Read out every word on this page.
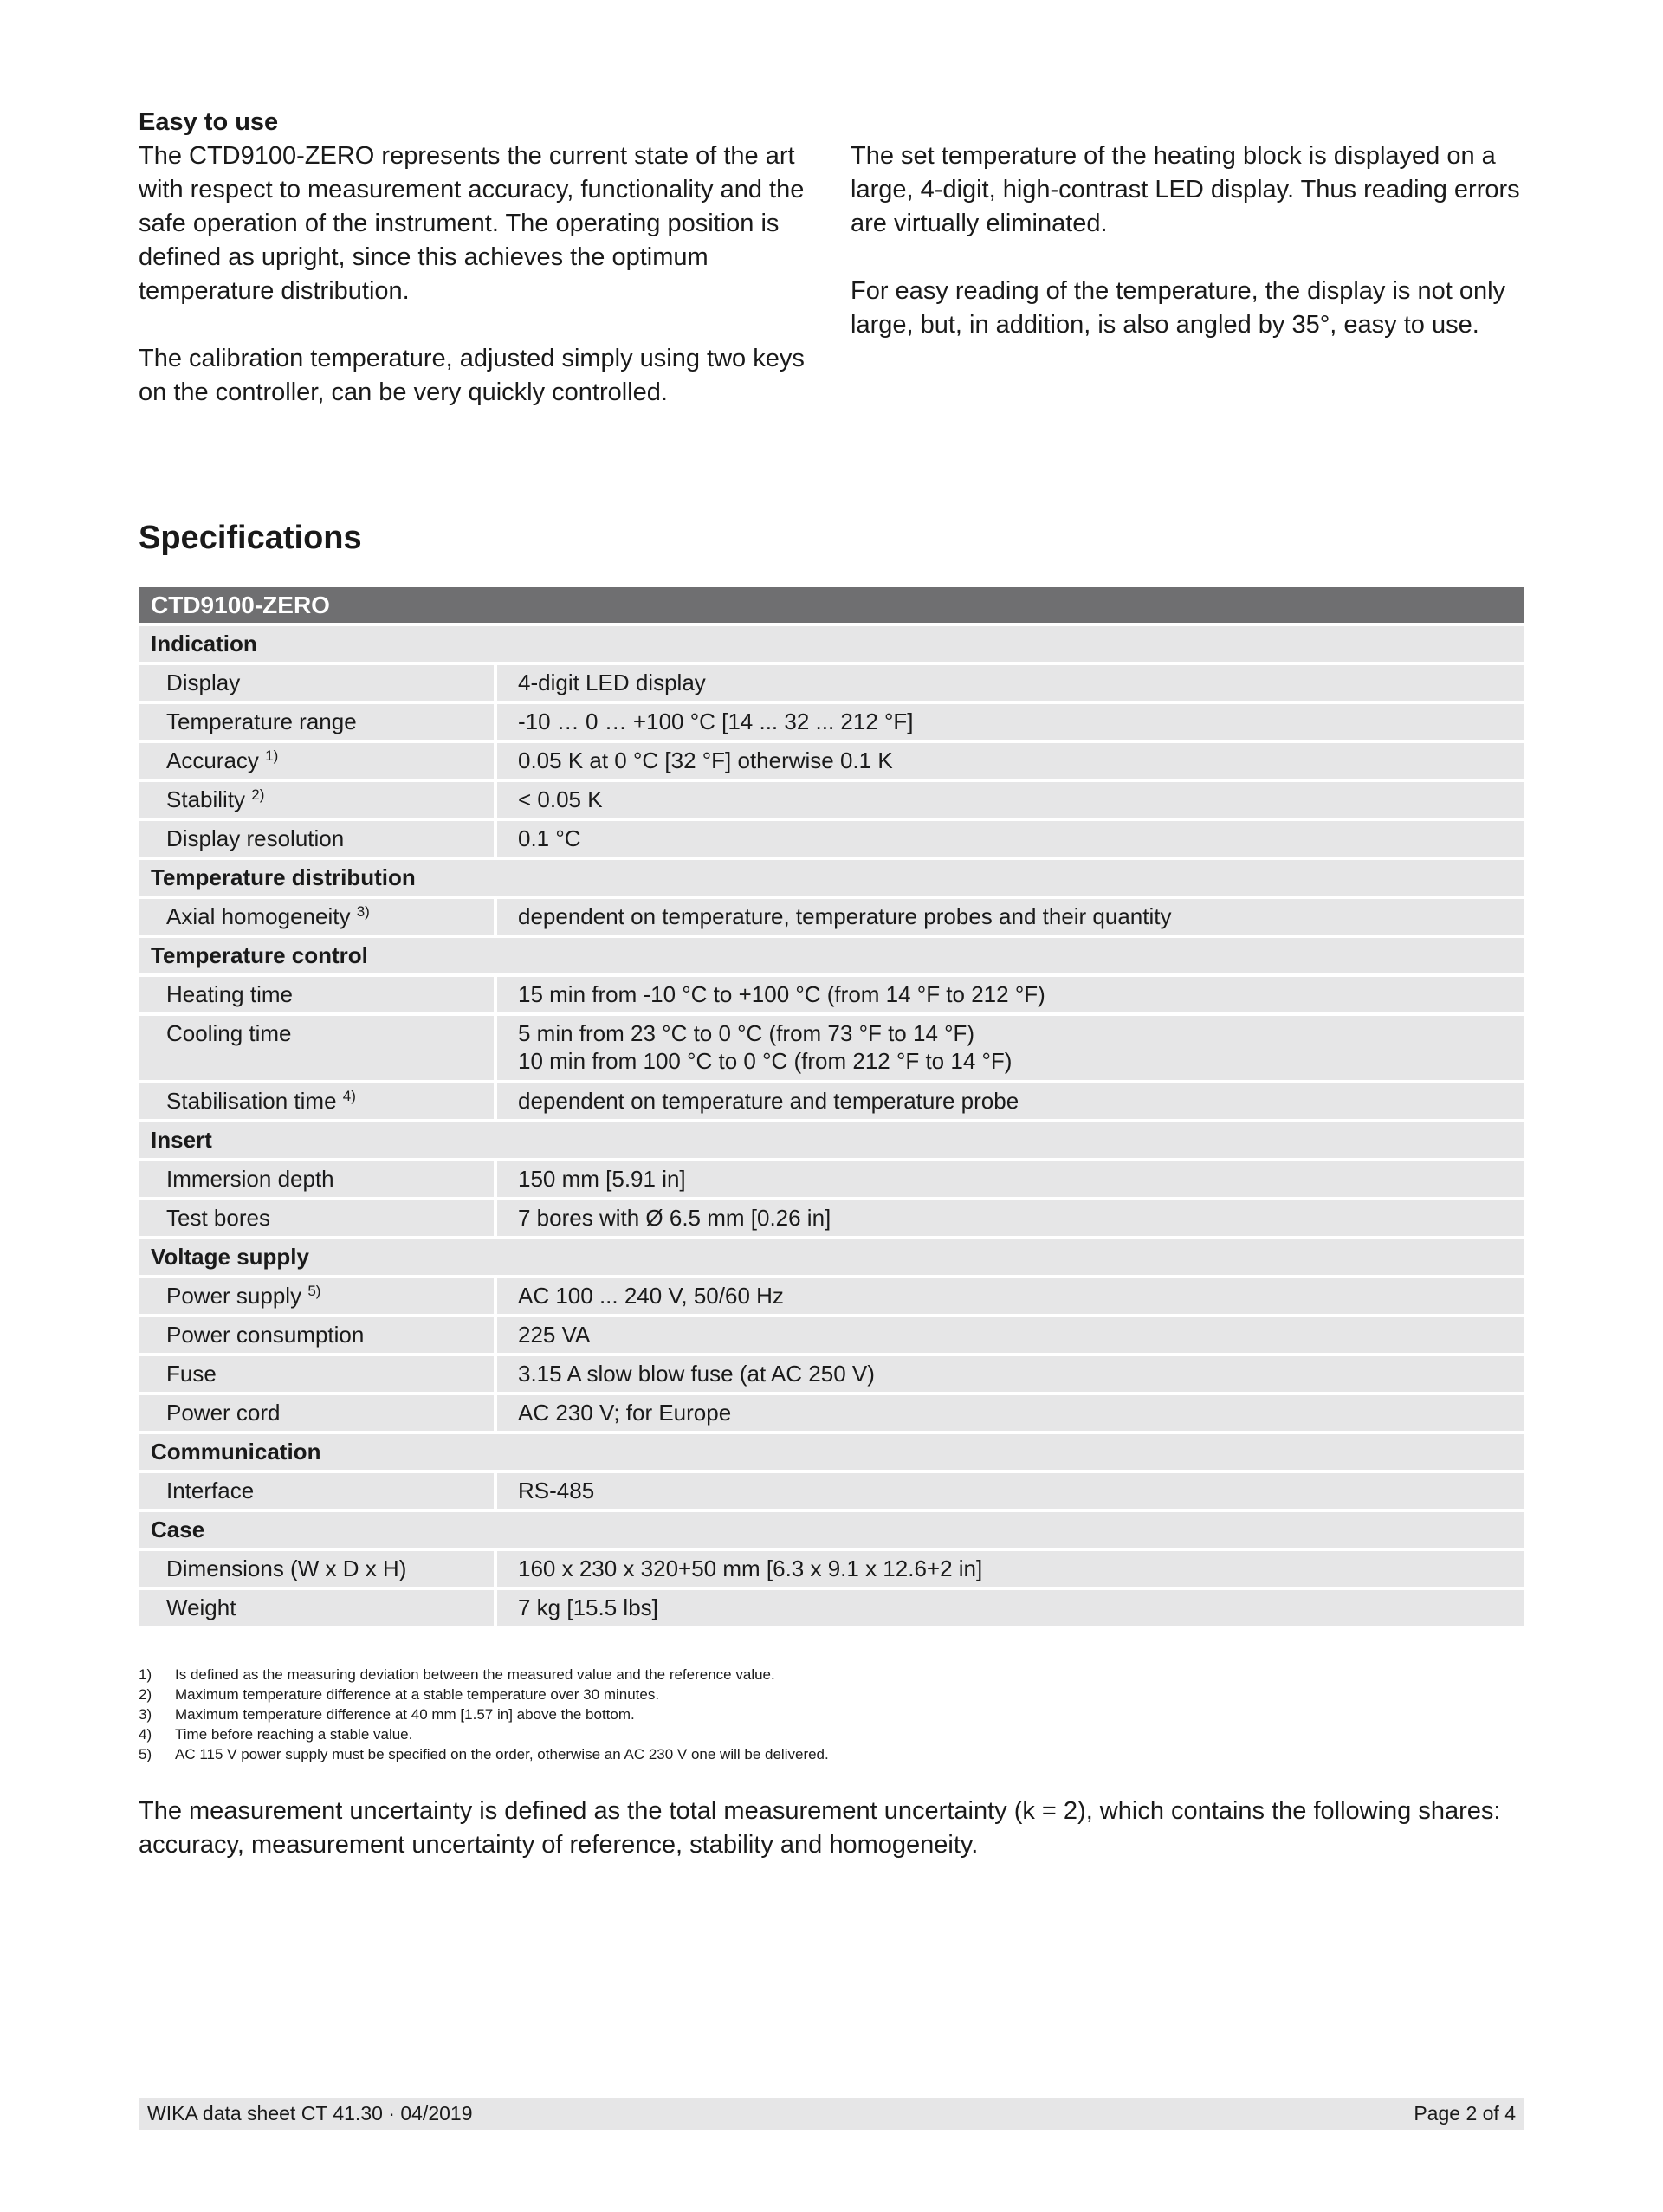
Easy to use

The CTD9100-ZERO represents the current state of the art with respect to measurement accuracy, functionality and the safe operation of the instrument. The operating position is defined as upright, since this achieves the optimum temperature distribution.

The calibration temperature, adjusted simply using two keys on the controller, can be very quickly controlled.

The set temperature of the heating block is displayed on a large, 4-digit, high-contrast LED display. Thus reading errors are virtually eliminated.

For easy reading of the temperature, the display is not only large, but, in addition, is also angled by 35°, easy to use.

Specifications
CTD9100-ZERO	
Indication	
Display	4-digit LED display

Temperature range	-10 … 0 … +100 °C [14 ... 32 ... 212 °F]

Accuracy $^{1)}$	0.05 K at 0 °C [32 °F] otherwise 0.1 K

Stability $^{2)}$	< 0.05 K

Display resolution	0.1 °C

Temperature distribution	
Axial homogeneity $^{3)}$	dependent on temperature, temperature probes and their quantity

Temperature control	
Heating time	15 min from -10 °C to +100 °C (from 14 °F to 212 °F)

Cooling time	5 min from 23 °C to 0 °C (from 73 °F to 14 °F)
10 min from 100 °C to 0 °C (from 212 °F to 14 °F)

Stabilisation time $^{4)}$	dependent on temperature and temperature probe

Insert	
Immersion depth	150 mm [5.91 in]

Test bores	7 bores with Ø 6.5 mm [0.26 in]

Voltage supply	
Power supply $^{5)}$	AC 100 ... 240 V, 50/60 Hz

Power consumption	225 VA

Fuse	3.15 A slow blow fuse (at AC 250 V)

Power cord	AC 230 V; for Europe

Communication	
Interface	RS-485

Case	
Dimensions (W x D x H)	160 x 230 x 320+50 mm [6.3 x 9.1 x 12.6+2 in]

Weight	7 kg [15.5 lbs]
1)	Is defined as the measuring deviation between the measured value and the reference value.
2)	Maximum temperature difference at a stable temperature over 30 minutes.
3)	Maximum temperature difference at 40 mm [1.57 in] above the bottom.
4)	Time before reaching a stable value.
5)	AC 115 V power supply must be specified on the order, otherwise an AC 230 V one will be delivered.

The measurement uncertainty is defined as the total measurement uncertainty (k = 2), which contains the following shares: accuracy, measurement uncertainty of reference, stability and homogeneity.

WIKA data sheet CT 41.30 · 04/2019	Page 2 of 4
